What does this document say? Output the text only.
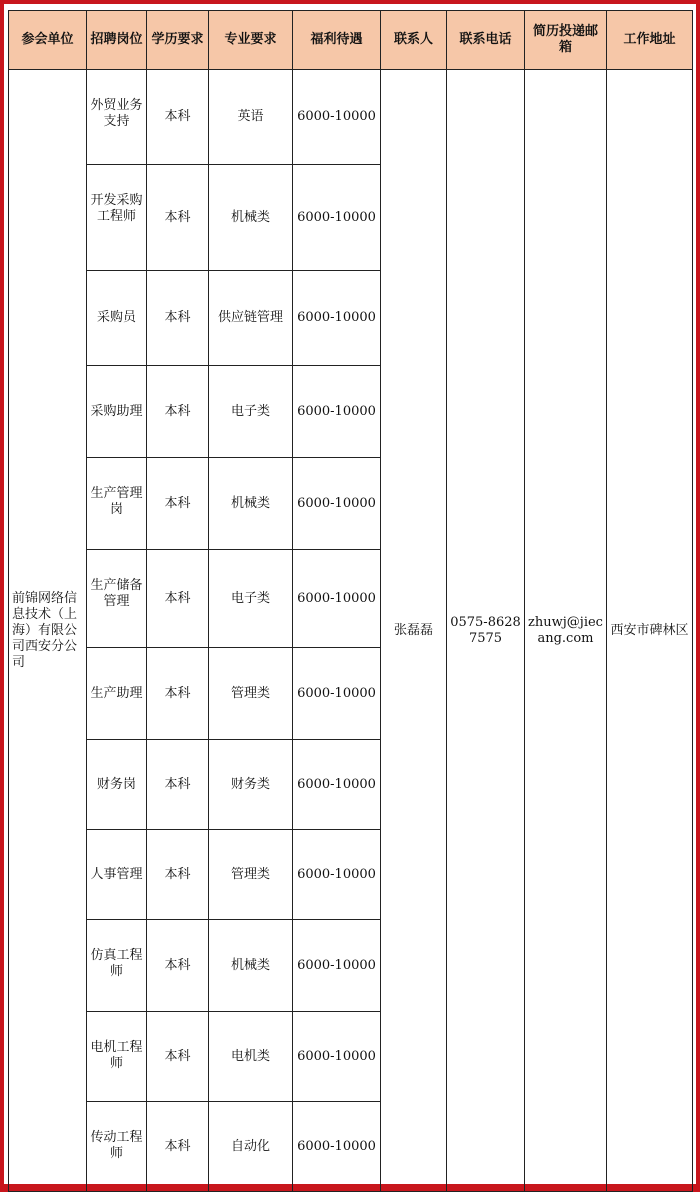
参会单位	招聘岗位	学历要求	专业要求	福利待遇	联系人	联系电话	简历投递邮箱	工作地址
前锦网络信息技术（上海）有限公司西安分公司	外贸业务支持	本科	英语	6000-10000	张磊磊	0575-86287575	zhuwj@jiecang.com	西安市碑林区
	开发采购工程师	本科	机械类	6000-10000				
	采购员	本科	供应链管理	6000-10000				
	采购助理	本科	电子类	6000-10000				
	生产管理岗	本科	机械类	6000-10000				
	生产储备管理	本科	电子类	6000-10000				
	生产助理	本科	管理类	6000-10000				
	财务岗	本科	财务类	6000-10000				
	人事管理	本科	管理类	6000-10000				
	仿真工程师	本科	机械类	6000-10000				
	电机工程师	本科	电机类	6000-10000				
	传动工程师	本科	自动化	6000-10000				
